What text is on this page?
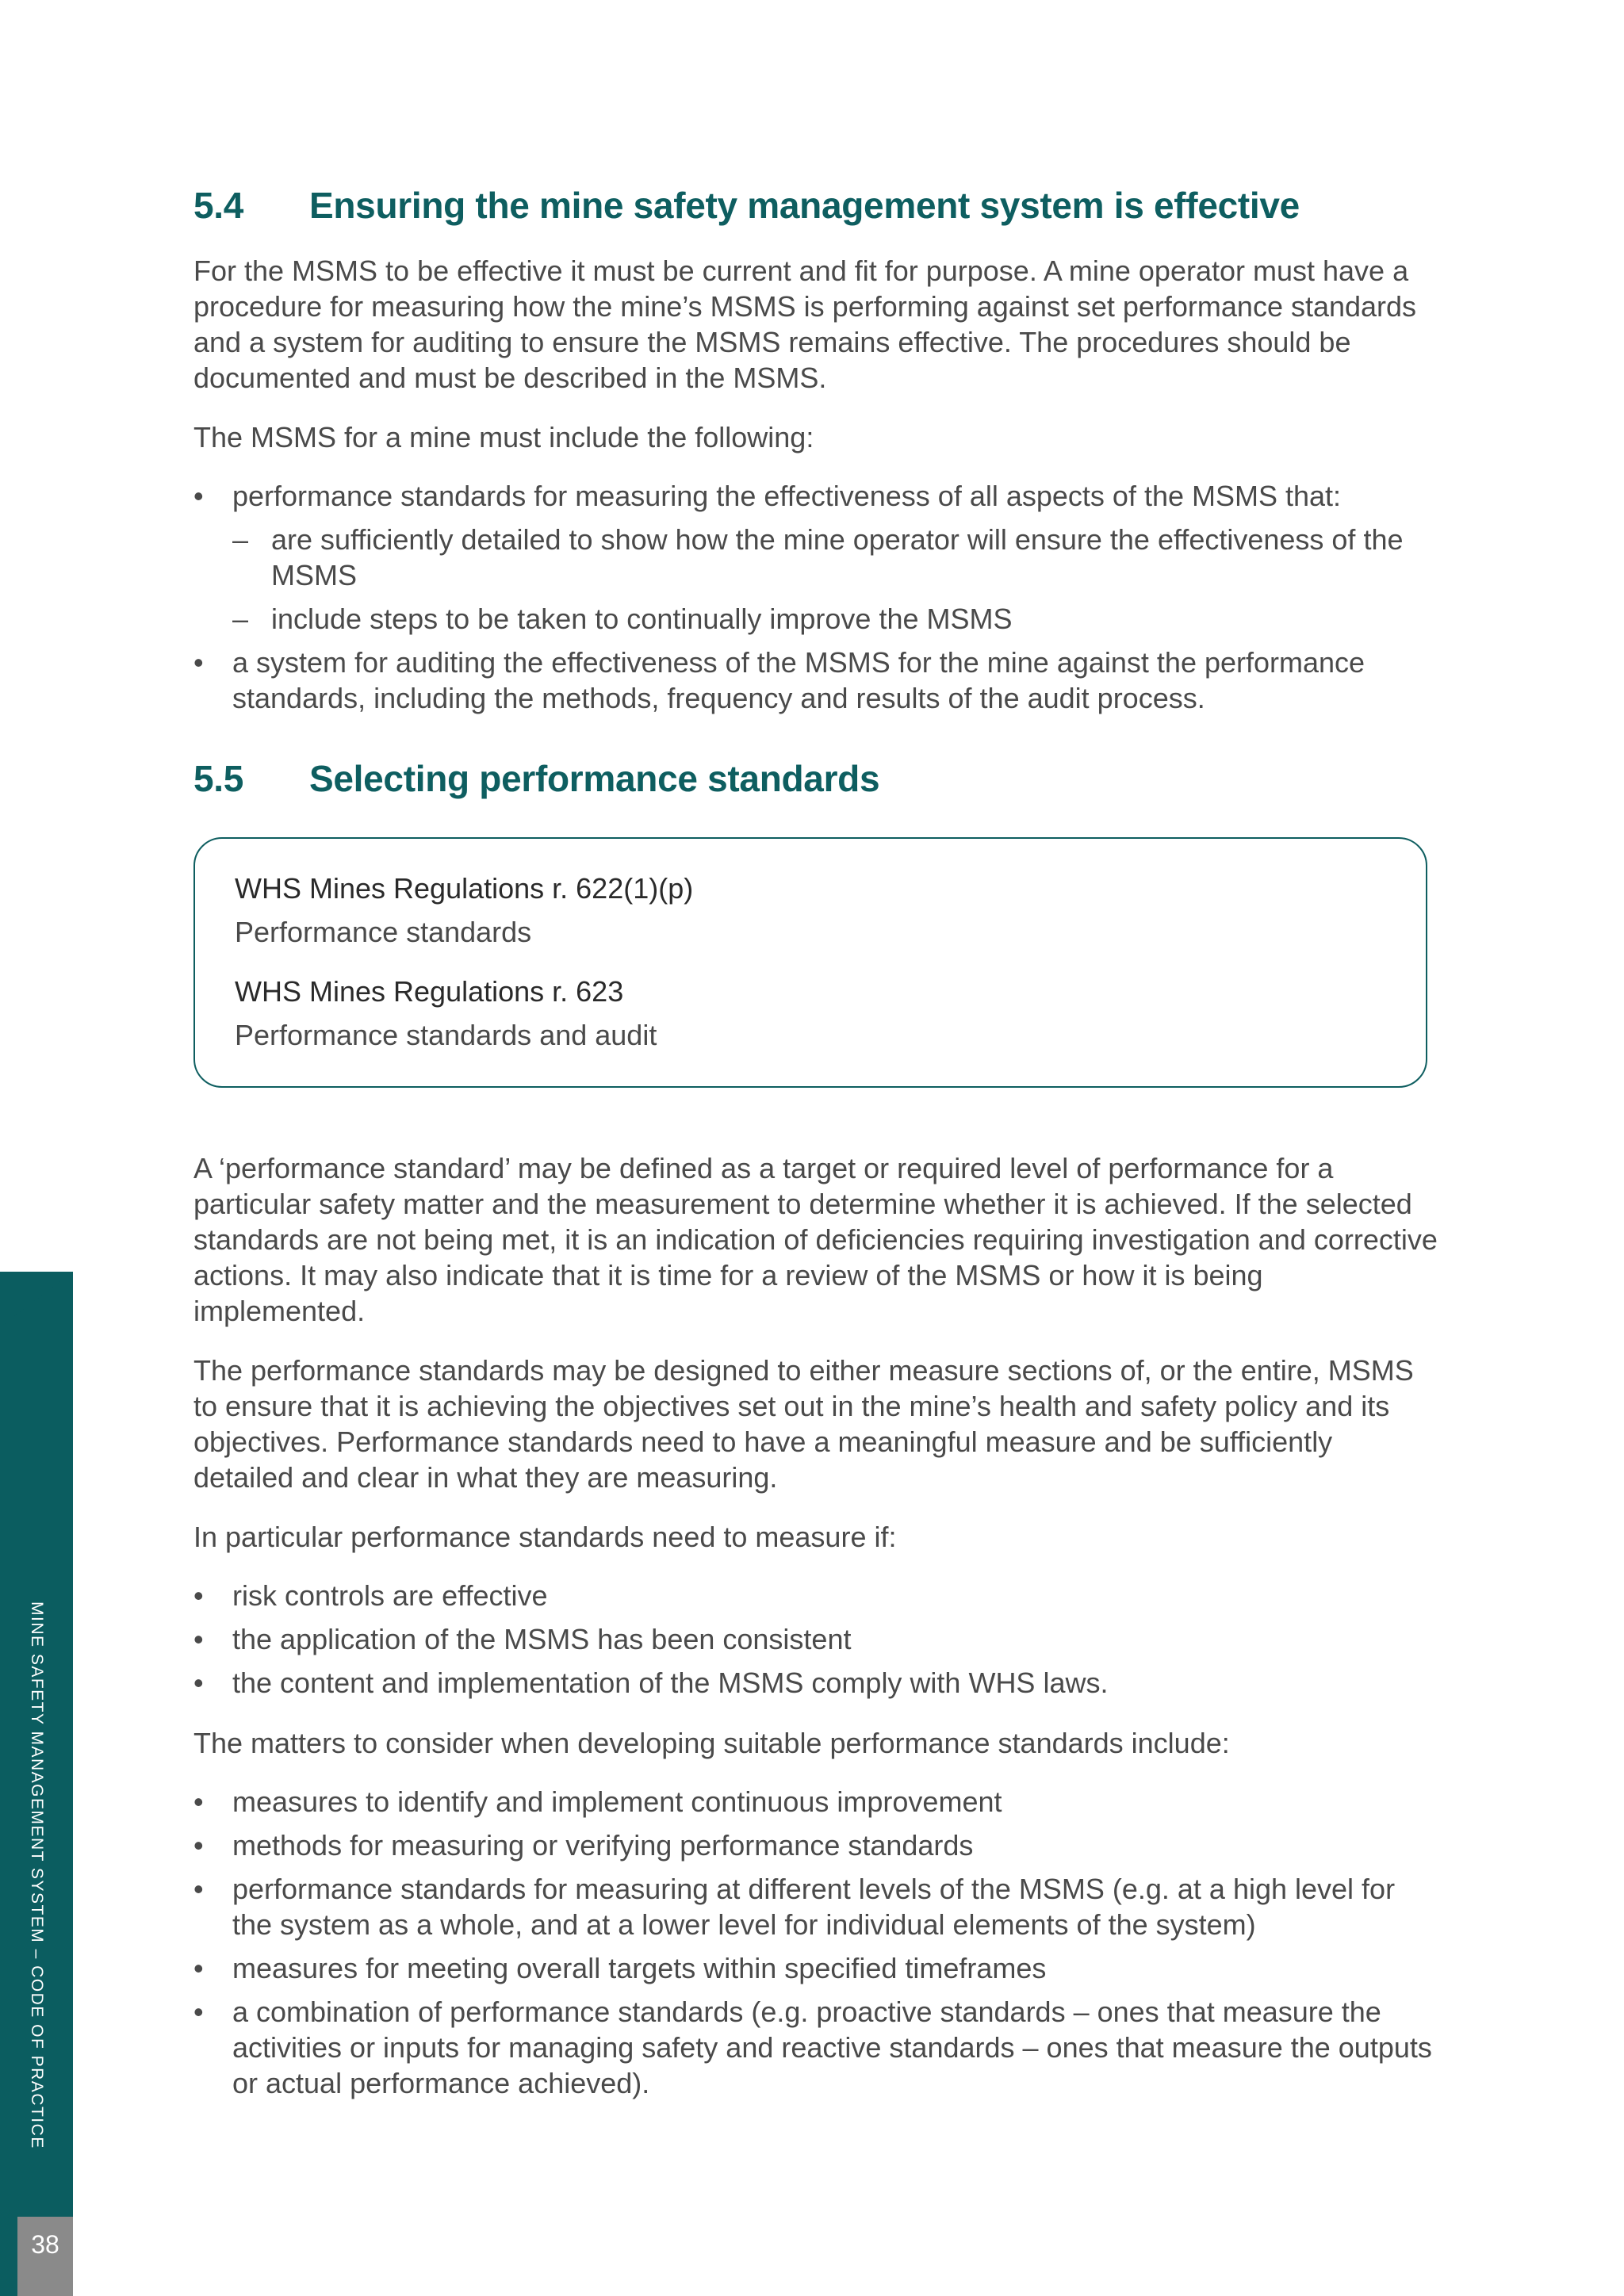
MINE SAFETY MANAGEMENT SYSTEM – CODE OF PRACTICE
38
5.4 Ensuring the mine safety management system is effective

For the MSMS to be effective it must be current and fit for purpose. A mine operator must have a procedure for measuring how the mine’s MSMS is performing against set performance standards and a system for auditing to ensure the MSMS remains effective. The procedures should be documented and must be described in the MSMS.

The MSMS for a mine must include the following:

• performance standards for measuring the effectiveness of all aspects of the MSMS that:
– are sufficiently detailed to show how the mine operator will ensure the effectiveness of the MSMS
– include steps to be taken to continually improve the MSMS
• a system for auditing the effectiveness of the MSMS for the mine against the performance standards, including the methods, frequency and results of the audit process.
5.5 Selecting performance standards
WHS Mines Regulations r. 622(1)(p)
Performance standards
WHS Mines Regulations r. 623
Performance standards and audit

A ‘performance standard’ may be defined as a target or required level of performance for a particular safety matter and the measurement to determine whether it is achieved. If the selected standards are not being met, it is an indication of deficiencies requiring investigation and corrective actions. It may also indicate that it is time for a review of the MSMS or how it is being implemented.

The performance standards may be designed to either measure sections of, or the entire, MSMS to ensure that it is achieving the objectives set out in the mine’s health and safety policy and its objectives. Performance standards need to have a meaningful measure and be sufficiently detailed and clear in what they are measuring.

In particular performance standards need to measure if:

• risk controls are effective
• the application of the MSMS has been consistent
• the content and implementation of the MSMS comply with WHS laws.

The matters to consider when developing suitable performance standards include:

• measures to identify and implement continuous improvement
• methods for measuring or verifying performance standards
• performance standards for measuring at different levels of the MSMS (e.g. at a high level for the system as a whole, and at a lower level for individual elements of the system)
• measures for meeting overall targets within specified timeframes
• a combination of performance standards (e.g. proactive standards – ones that measure the activities or inputs for managing safety and reactive standards – ones that measure the outputs or actual performance achieved).
